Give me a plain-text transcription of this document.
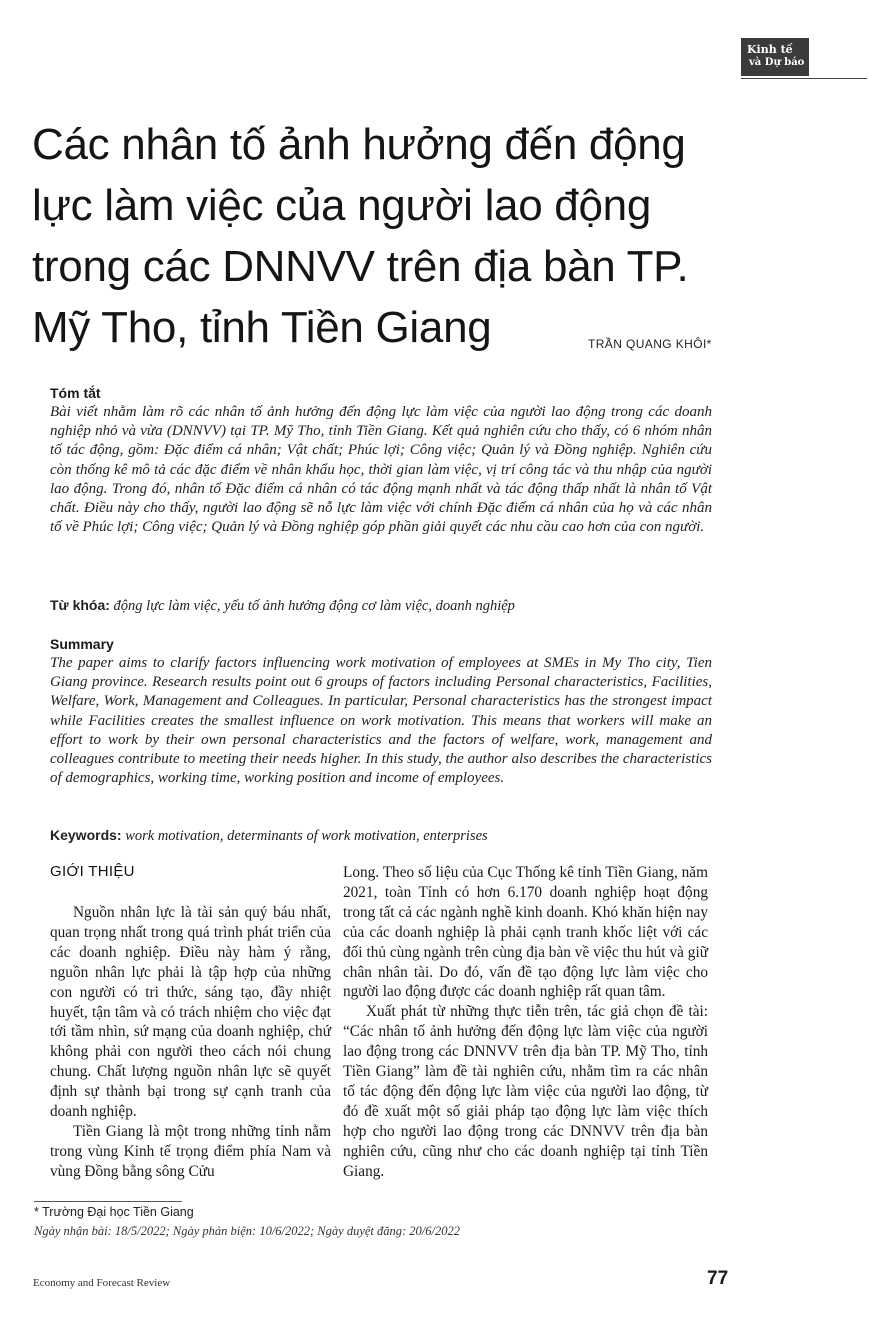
Kinh tế
và Dự báo
Các nhân tố ảnh hưởng đến động lực làm việc của người lao động trong các DNNVV trên địa bàn TP. Mỹ Tho, tỉnh Tiền Giang	TRẦN QUANG KHÔI*
Tóm tắt
Bài viết nhằm làm rõ các nhân tố ảnh hưởng đến động lực làm việc của người lao động trong các doanh nghiệp nhỏ và vừa (DNNVV) tại TP. Mỹ Tho, tỉnh Tiền Giang. Kết quả nghiên cứu cho thấy, có 6 nhóm nhân tố tác động, gồm: Đặc điểm cá nhân; Vật chất; Phúc lợi; Công việc; Quản lý và Đồng nghiệp. Nghiên cứu còn thống kê mô tả các đặc điểm về nhân khẩu học, thời gian làm việc, vị trí công tác và thu nhập của người lao động. Trong đó, nhân tố Đặc điểm cá nhân có tác động mạnh nhất và tác động thấp nhất là nhân tố Vật chất. Điều này cho thấy, người lao động sẽ nỗ lực làm việc với chính Đặc điểm cá nhân của họ và các nhân tố về Phúc lợi; Công việc; Quản lý và Đồng nghiệp góp phần giải quyết các nhu cầu cao hơn của con người.
Từ khóa: động lực làm việc, yếu tố ảnh hưởng động cơ làm việc, doanh nghiệp
Summary
The paper aims to clarify factors influencing work motivation of employees at SMEs in My Tho city, Tien Giang province. Research results point out 6 groups of factors including Personal characteristics, Facilities, Welfare, Work, Management and Colleagues. In particular, Personal characteristics has the strongest impact while Facilities creates the smallest influence on work motivation. This means that workers will make an effort to work by their own personal characteristics and the factors of welfare, work, management and colleagues contribute to meeting their needs higher. In this study, the author also describes the characteristics of demographics, working time, working position and income of employees.
Keywords: work motivation, determinants of work motivation, enterprises
GIỚI THIỆU

Nguồn nhân lực là tài sản quý báu nhất, quan trọng nhất trong quá trình phát triển của các doanh nghiệp. Điều này hàm ý rằng, nguồn nhân lực phải là tập hợp của những con người có tri thức, sáng tạo, đầy nhiệt huyết, tận tâm và có trách nhiệm cho việc đạt tới tầm nhìn, sứ mạng của doanh nghiệp, chứ không phải con người theo cách nói chung chung. Chất lượng nguồn nhân lực sẽ quyết định sự thành bại trong sự cạnh tranh của doanh nghiệp.

Tiền Giang là một trong những tỉnh nằm trong vùng Kinh tế trọng điểm phía Nam và vùng Đồng bằng sông Cửu

Long. Theo số liệu của Cục Thống kê tỉnh Tiền Giang, năm 2021, toàn Tỉnh có hơn 6.170 doanh nghiệp hoạt động trong tất cả các ngành nghề kinh doanh. Khó khăn hiện nay của các doanh nghiệp là phải cạnh tranh khốc liệt với các đối thủ cùng ngành trên cùng địa bàn về việc thu hút và giữ chân nhân tài. Do đó, vấn đề tạo động lực làm việc cho người lao động được các doanh nghiệp rất quan tâm.

Xuất phát từ những thực tiễn trên, tác giả chọn đề tài: “Các nhân tố ảnh hưởng đến động lực làm việc của người lao động trong các DNNVV trên địa bàn TP. Mỹ Tho, tỉnh Tiền Giang” làm đề tài nghiên cứu, nhằm tìm ra các nhân tố tác động đến động lực làm việc của người lao động, từ đó đề xuất một số giải pháp tạo động lực làm việc thích hợp cho người lao động trong các DNNVV trên địa bàn nghiên cứu, cũng như cho các doanh nghiệp tại tỉnh Tiền Giang.

* Trường Đại học Tiền Giang
Ngày nhận bài: 18/5/2022; Ngày phản biện: 10/6/2022; Ngày duyệt đăng: 20/6/2022
Economy and Forecast Review	77
